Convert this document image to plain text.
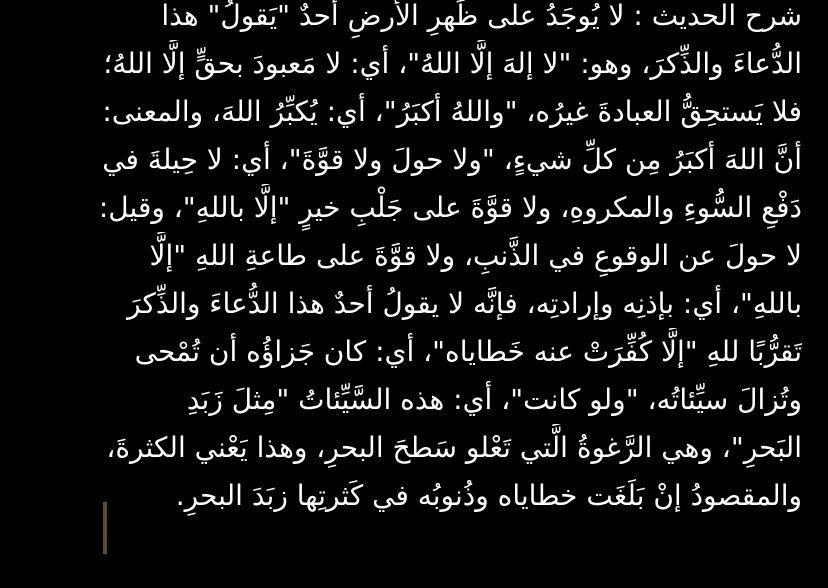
شرح الحديث : لا يُوجَدُ على ظَهرِ الأرضِ أحدٌ "يَقولُ" هذا
الدُّعاءَ والذِّكرَ، وهو: "لا إلهَ إلَّا اللهُ"، أي: لا مَعبودَ بحقٍّ إلَّا اللهُ؛
فلا يَستحِقُّ العبادةَ غيرُه، "واللهُ أكبَرُ"، أي: يُكبِّرُ اللهَ، والمعنى:
أنَّ اللهَ أكبَرُ مِن كلِّ شيءٍ، "ولا حولَ ولا قوَّةَ"، أي: لا حِيلةَ في
دَفْعِ السُّوءِ والمكروهِ، ولا قوَّةَ على جَلْبِ خيرٍ "إلَّا باللهِ"، وقيل:
لا حولَ عن الوقوعِ في الذَّنبِ، ولا قوَّةَ على طاعةِ اللهِ "إلَّا
باللهِ"، أي: بإذنِه وإرادتِه، فإنَّه لا يقولُ أحدٌ هذا الدُّعاءَ والذِّكرَ
تَقرُّبًا للهِ "إلَّا كُفِّرَتْ عنه خَطاياه"، أي: كان جَزاؤُه أن تُمْحى
وتُزالَ سيِّئاتُه، "ولو كانت"، أي: هذه السَّيِّئاتُ "مِثلَ زَبَدِ
البَحرِ"، وهي الرَّغوةُ الَّتي تَعْلو سَطحَ البحرِ، وهذا يَعْني الكثرةَ،
والمقصودُ إنْ بَلَغَت خطاياه وذُنوبُه في كَثرتِها زبَدَ البحرِ.
